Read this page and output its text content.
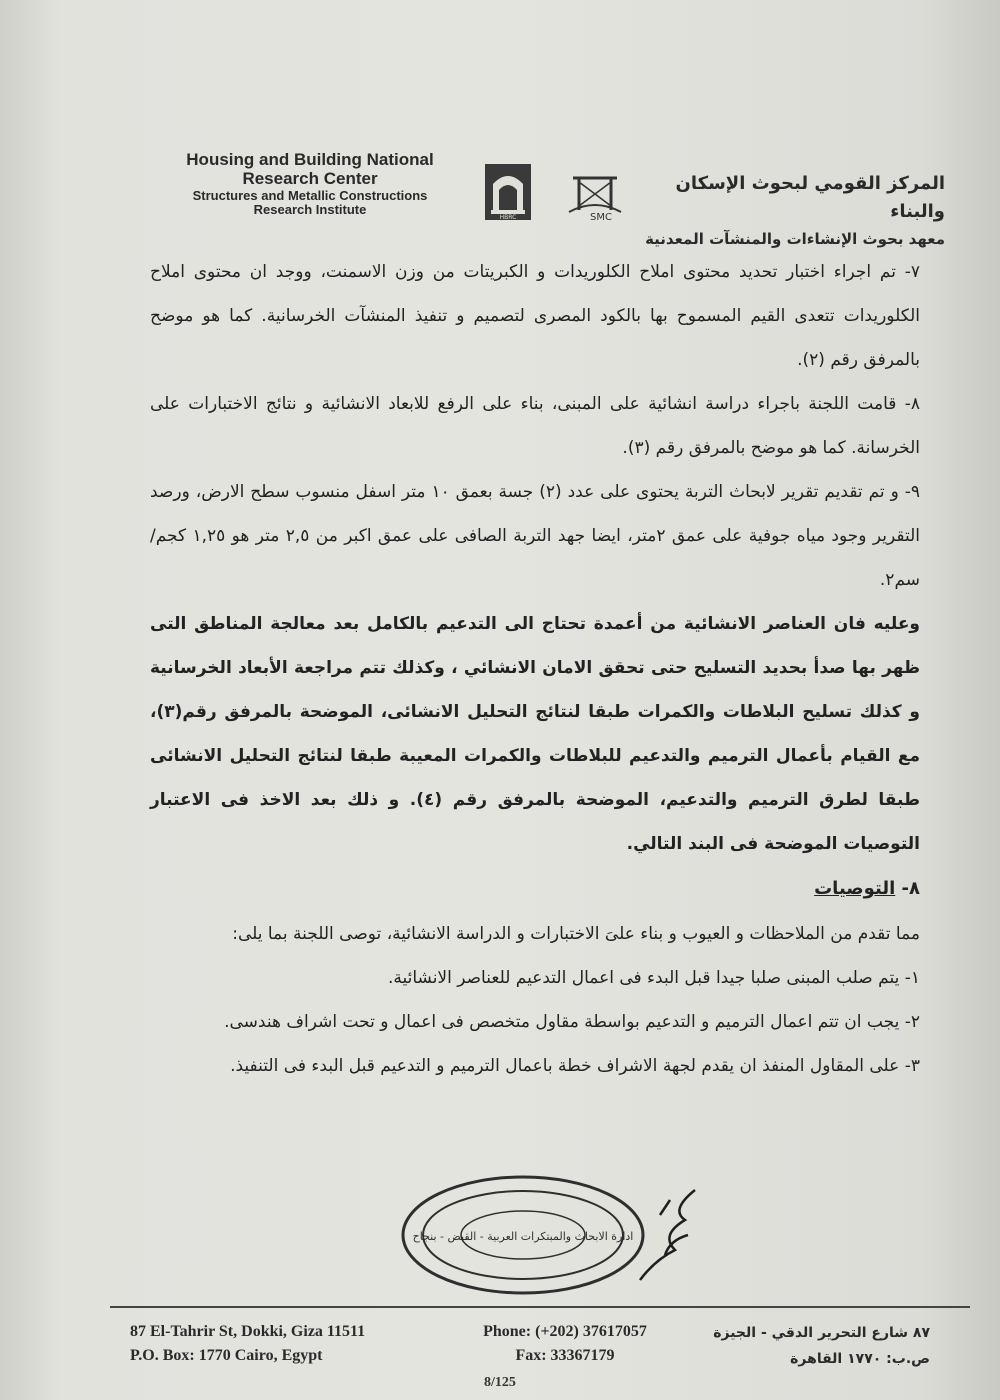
Housing and Building National
Research Center
Structures and Metallic Constructions
Research Institute
HBRC	SMC
المركز القومي لبحوث الإسكان والبناء
معهد بحوث الإنشاءات والمنشآت المعدنية

٧- تم اجراء اختبار تحديد محتوى املاح الكلوريدات و الكبريتات من وزن الاسمنت، ووجد ان محتوى املاح الكلوريدات تتعدى القيم المسموح بها بالكود المصرى لتصميم و تنفيذ المنشآت الخرسانية. كما هو موضح بالمرفق رقم (٢).

٨- قامت اللجنة باجراء دراسة انشائية على المبنى، بناء على الرفع للابعاد الانشائية و نتائج الاختبارات على الخرسانة. كما هو موضح بالمرفق رقم (٣).

٩- و تم تقديم تقرير لابحاث التربة يحتوى على عدد (٢) جسة بعمق ١٠ متر اسفل منسوب سطح الارض، ورصد التقرير وجود مياه جوفية على عمق ٢متر، ايضا جهد التربة الصافى على عمق اكبر من ٢,٥ متر هو ١,٢٥ كجم/سم٢.

وعليه فان العناصر الانشائية من أعمدة تحتاج الى التدعيم بالكامل بعد معالجة المناطق التى ظهر بها صدأ بحديد التسليح حتى تحقق الامان الانشائي ، وكذلك تتم مراجعة الأبعاد الخرسانية و كذلك تسليح البلاطات والكمرات طبقا لنتائج التحليل الانشائى، الموضحة بالمرفق رقم(٣)، مع القيام بأعمال الترميم والتدعيم للبلاطات والكمرات المعيبة طبقا لنتائج التحليل الانشائى طبقا لطرق الترميم والتدعيم، الموضحة بالمرفق رقم (٤). و ذلك بعد الاخذ فى الاعتبار التوصيات الموضحة فى البند التالي.

٨- التوصيات

مما تقدم من الملاحظات و العيوب و بناء علىَ الاختبارات و الدراسة الانشائية، توصى اللجنة بما يلى:

١- يتم صلب المبنى صلبا جيدا قبل البدء فى اعمال التدعيم للعناصر الانشائية.

٢- يجب ان تتم اعمال الترميم و التدعيم بواسطة مقاول متخصص فى اعمال و تحت اشراف هندسى.

٣- على المقاول المنفذ ان يقدم لجهة الاشراف خطة باعمال الترميم و التدعيم قبل البدء فى التنفيذ.

ادارة الابحاث والمبتكرات العربية - القبض - بنجاح
87 El-Tahrir St, Dokki, Giza 11511
P.O. Box: 1770 Cairo, Egypt
Phone: (+202) 37617057
Fax: 33367179
٨٧ شارع التحرير الدقي - الجيزة
ص.ب: ١٧٧٠ القاهرة
8/125
